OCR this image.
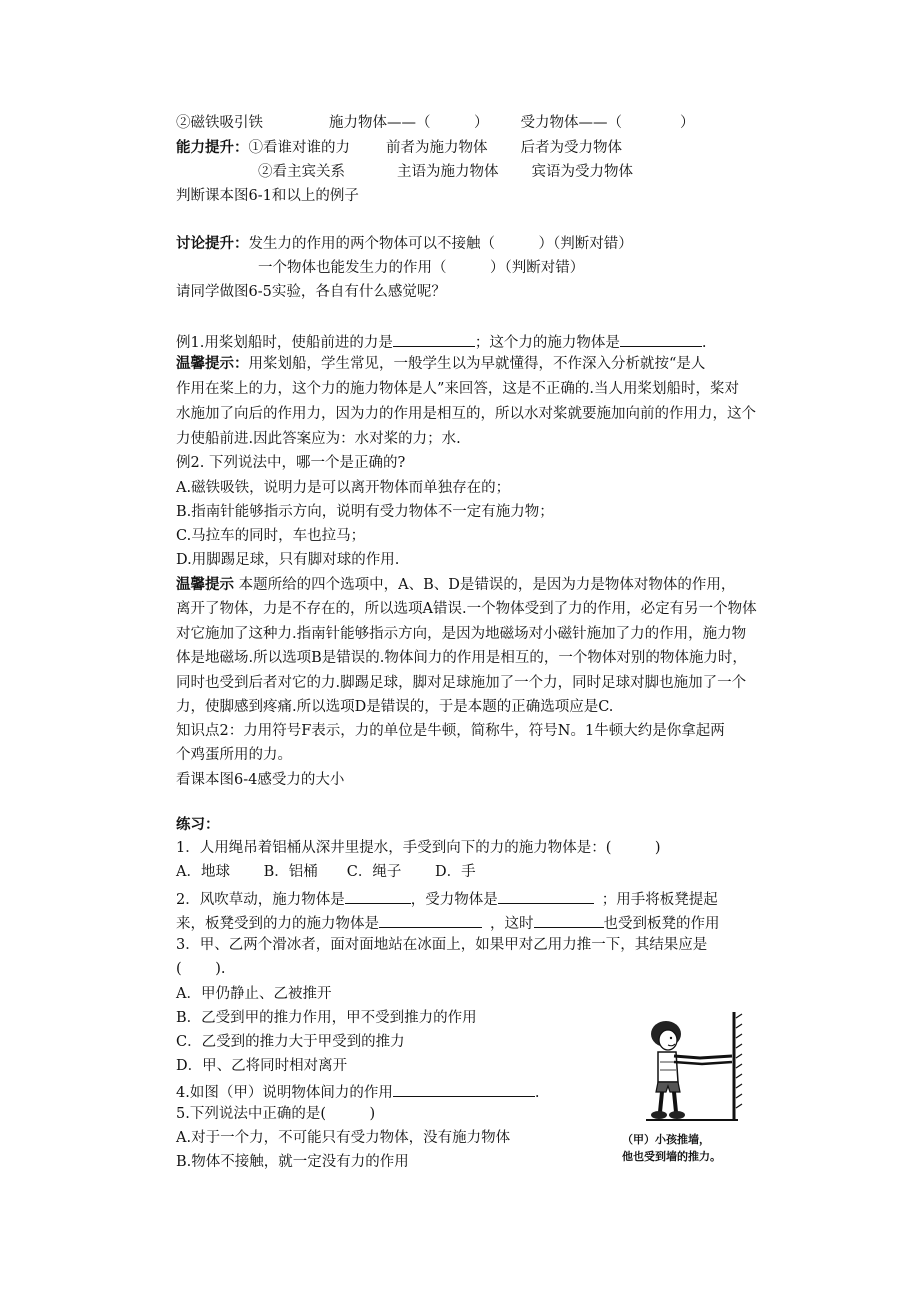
②磁铁吸引铁	施力物体——（　　　） 受力物体——（　　　　）
能力提升：①看谁对谁的力 前者为施力物体 后者为受力物体
②看主宾关系	主语为施力物体 宾语为受力物体
判断课本图6-1和以上的例子
讨论提升：发生力的作用的两个物体可以不接触（　　　）（判断对错）
一个物体也能发生力的作用（　　　）（判断对错）
请同学做图6-5实验，各自有什么感觉呢？
例1.用桨划船时，使船前进的力是	；这个力的施力物体是	.
温馨提示：用桨划船，学生常见，一般学生以为早就懂得，不作深入分析就按“是人
作用在桨上的力，这个力的施力物体是人”来回答，这是不正确的.当人用桨划船时，桨对
水施加了向后的作用力，因为力的作用是相互的，所以水对桨就要施加向前的作用力，这个
力使船前进.因此答案应为：水对桨的力；水.
例2. 下列说法中，哪一个是正确的?
A.磁铁吸铁，说明力是可以离开物体而单独存在的；
B.指南针能够指示方向，说明有受力物体不一定有施力物；
C.马拉车的同时，车也拉马；
D.用脚踢足球，只有脚对球的作用.
温馨提示 本题所给的四个选项中，A、B、D是错误的，是因为力是物体对物体的作用，
离开了物体，力是不存在的，所以选项A错误.一个物体受到了力的作用，必定有另一个物体
对它施加了这种力.指南针能够指示方向，是因为地磁场对小磁针施加了力的作用，施力物
体是地磁场.所以选项B是错误的.物体间力的作用是相互的，一个物体对别的物体施力时，
同时也受到后者对它的力.脚踢足球，脚对足球施加了一个力，同时足球对脚也施加了一个
力，使脚感到疼痛.所以选项D是错误的，于是本题的正确选项应是C.
知识点2：力用符号F表示，力的单位是牛顿，简称牛，符号N。1牛顿大约是你拿起两
个鸡蛋所用的力。
看课本图6-4感受力的大小
练习：
1．人用绳吊着铝桶从深井里提水，手受到向下的力的施力物体是：(　　　)
A．地球　　 B．铝桶　　C．绳子　　 D．手
2．风吹草动，施力物体是	，受力物体是	；用手将板凳提起
来，板凳受到的力的施力物体是	，这时	也受到板凳的作用
3．甲、乙两个滑冰者，面对面地站在冰面上，如果甲对乙用力推一下，其结果应是
(　　 ).
A．甲仍静止、乙被推开
B．乙受到甲的推力作用，甲不受到推力的作用
C．乙受到的推力大于甲受到的推力
D．甲、乙将同时相对离开
4.如图（甲）说明物体间力的作用	.
5.下列说法中正确的是(　　　)
A.对于一个力，不可能只有受力物体，没有施力物体
B.物体不接触，就一定没有力的作用
（甲）小孩推墙，
他也受到墙的推力。
